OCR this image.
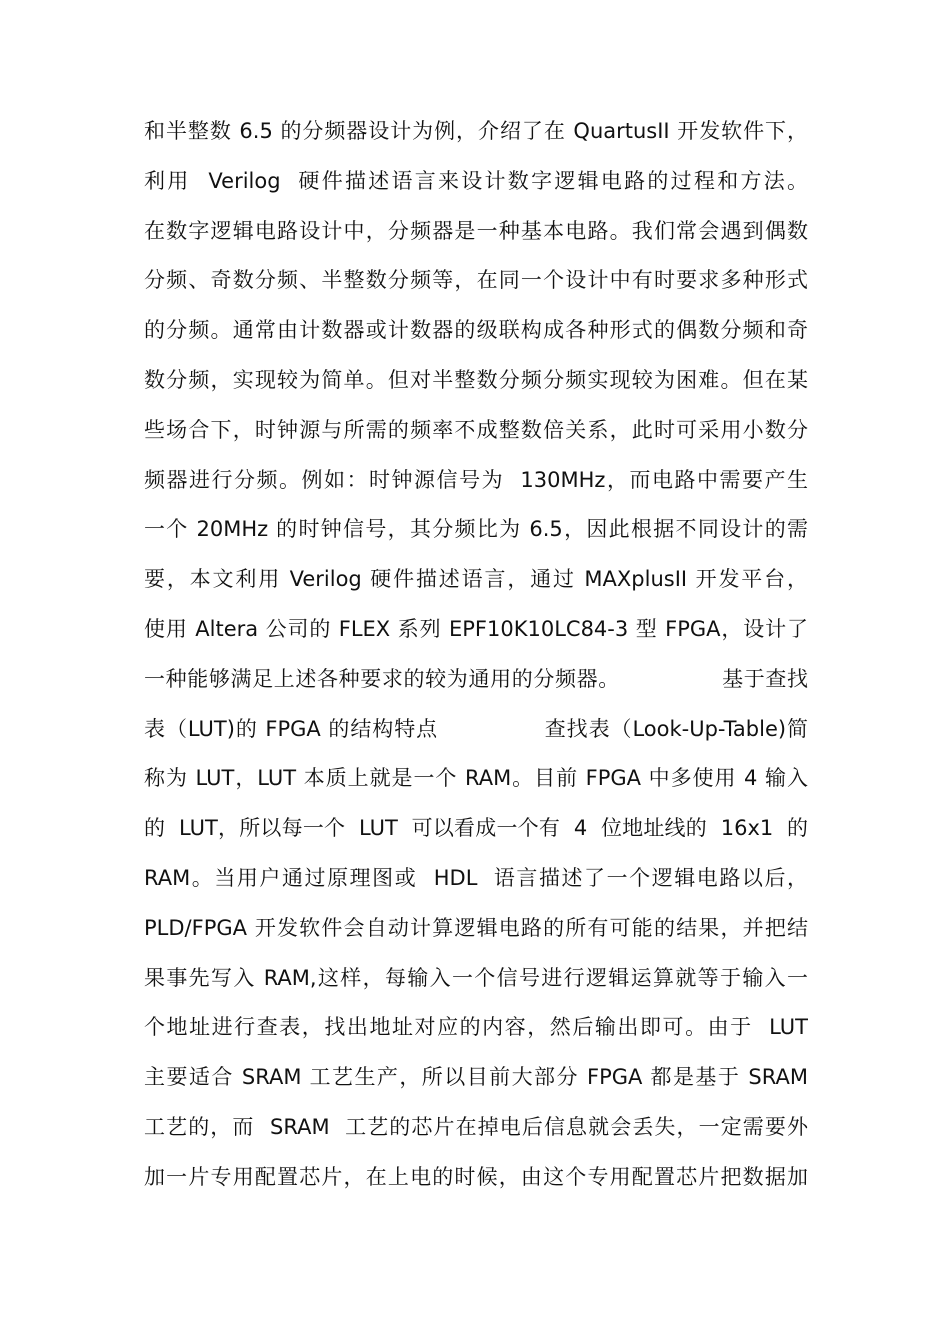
和半整数 6.5 的分频器设计为例，介绍了在 QuartusII 开发软件下，
利用  Verilog  硬件描述语言来设计数字逻辑电路的过程和方法。
在数字逻辑电路设计中，分频器是一种基本电路。我们常会遇到偶数
分频、奇数分频、半整数分频等，在同一个设计中有时要求多种形式
的分频。通常由计数器或计数器的级联构成各种形式的偶数分频和奇
数分频，实现较为简单。但对半整数分频分频实现较为困难。但在某
些场合下，时钟源与所需的频率不成整数倍关系，此时可采用小数分
频器进行分频。例如：时钟源信号为  130MHz，而电路中需要产生
一个 20MHz 的时钟信号，其分频比为 6.5，因此根据不同设计的需
要，本文利用 Verilog 硬件描述语言，通过 MAXplusII 开发平台，
使用 Altera 公司的 FLEX 系列 EPF10K10LC84-3 型 FPGA，设计了
一种能够满足上述各种要求的较为通用的分频器。              基于查找
表（LUT)的 FPGA 的结构特点              查找表（Look-Up-Table)简
称为 LUT，LUT 本质上就是一个 RAM。目前 FPGA 中多使用 4 输入
的  LUT，所以每一个  LUT  可以看成一个有  4  位地址线的  16x1  的
RAM。当用户通过原理图或  HDL  语言描述了一个逻辑电路以后，
PLD/FPGA 开发软件会自动计算逻辑电路的所有可能的结果，并把结
果事先写入 RAM,这样，每输入一个信号进行逻辑运算就等于输入一
个地址进行查表，找出地址对应的内容，然后输出即可。由于  LUT
主要适合 SRAM 工艺生产，所以目前大部分 FPGA 都是基于 SRAM
工艺的，而  SRAM  工艺的芯片在掉电后信息就会丢失，一定需要外
加一片专用配置芯片，在上电的时候，由这个专用配置芯片把数据加
